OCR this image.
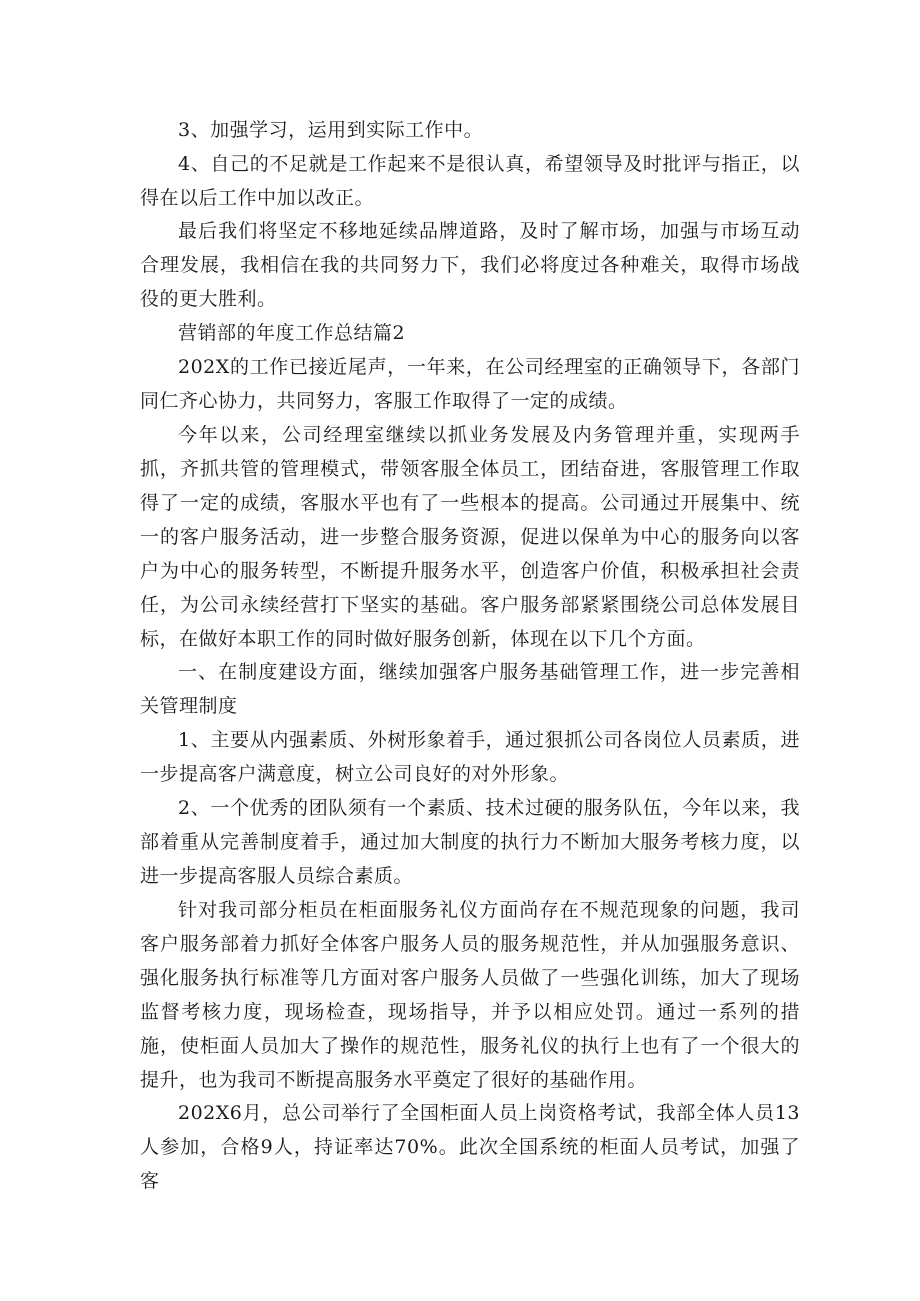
3、加强学习，运用到实际工作中。

4、自己的不足就是工作起来不是很认真，希望领导及时批评与指正，以得在以后工作中加以改正。

最后我们将坚定不移地延续品牌道路，及时了解市场，加强与市场互动合理发展，我相信在我的共同努力下，我们必将度过各种难关，取得市场战役的更大胜利。

营销部的年度工作总结篇2

202X的工作已接近尾声，一年来，在公司经理室的正确领导下，各部门同仁齐心协力，共同努力，客服工作取得了一定的成绩。

今年以来，公司经理室继续以抓业务发展及内务管理并重，实现两手抓，齐抓共管的管理模式，带领客服全体员工，团结奋进，客服管理工作取得了一定的成绩，客服水平也有了一些根本的提高。公司通过开展集中、统一的客户服务活动，进一步整合服务资源，促进以保单为中心的服务向以客户为中心的服务转型，不断提升服务水平，创造客户价值，积极承担社会责任，为公司永续经营打下坚实的基础。客户服务部紧紧围绕公司总体发展目标，在做好本职工作的同时做好服务创新，体现在以下几个方面。

一、在制度建设方面，继续加强客户服务基础管理工作，进一步完善相关管理制度

1、主要从内强素质、外树形象着手，通过狠抓公司各岗位人员素质，进一步提高客户满意度，树立公司良好的对外形象。

2、一个优秀的团队须有一个素质、技术过硬的服务队伍，今年以来，我部着重从完善制度着手，通过加大制度的执行力不断加大服务考核力度，以进一步提高客服人员综合素质。

针对我司部分柜员在柜面服务礼仪方面尚存在不规范现象的问题，我司客户服务部着力抓好全体客户服务人员的服务规范性，并从加强服务意识、强化服务执行标准等几方面对客户服务人员做了一些强化训练，加大了现场监督考核力度，现场检查，现场指导，并予以相应处罚。通过一系列的措施，使柜面人员加大了操作的规范性，服务礼仪的执行上也有了一个很大的提升，也为我司不断提高服务水平奠定了很好的基础作用。

202X6月，总公司举行了全国柜面人员上岗资格考试，我部全体人员13人参加，合格9人，持证率达70%。此次全国系统的柜面人员考试，加强了客
